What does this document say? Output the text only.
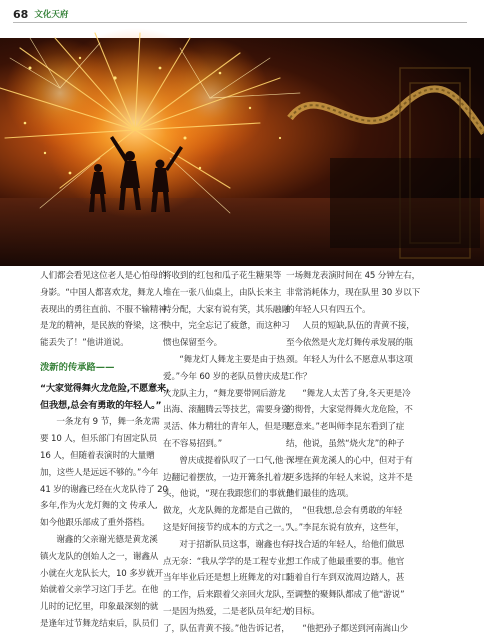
68 文化天府

人们都会看见这位老人是心怕母的

身影。“中国人都喜欢龙，舞龙人

表现出的勇往直前、不服不输精神

是龙的精神，是民族的脊梁，这不

能丢失了！”他讲道说。

泼新的传承路——

“大家觉得舞火龙危险,不愿意来,

但我想,总会有勇敢的年轻人。”

一条龙有 9 节，舞一条龙需

要 10 人，但乐部门有固定队员

16 人，但随着表演时的大量赠

加，这些人是远远不够的。”今年

41 岁的谢鑫已经在火龙队待了 20

多年,作为火龙灯舞的文 传承人,

如今他跟乐部成了重外搭档。

谢鑫的父亲谢光德是黄龙溪

镇火龙队的创始人之一，谢鑫从

小就在火龙队长大，10 多岁就开

始就着父亲学习这门手艺。在他

儿时的记忆里，印象最深刻的就

是逢年过节舞龙结束后，队员们

将收到的红包和瓜子花生糖果等

堆在一张八仙桌上，由队长来主

持分配，大家有说有笑，其乐融融

快中，完全忘记了疲惫，而这种习

惯也保留至今。

“舞龙灯人舞龙主要是由于热

爱。”今年 60 岁的老队员曾庆成是

火龙队主力，“舞龙要带网后游龙

出海、滚翻腾云等技艺，需要身姿

灵活、体力精壮的青年人，但是现

在不容易招到。”

曾庆成提着队叹了一口气,他一

边翻记着摆放，一边开篝条扎着龙

头，他说，“现在我跟您们的事就是

做龙，火龙队舞的龙都是自己做的，

这是好间接节约成本的方式之一。”

对于招新队员这事，谢鑫也有

点无奈：“我从学学的是工程专业，

当年毕业后还是想上班舞龙的对口

的工作，后来跟着父亲回火龙队，

一是因为热爱，二是老队员年纪大

了，队伍青黄不接。”他告诉记者，

一场舞龙表演时间在 45 分钟左右，

非常消耗体力，现在队里 30 岁以下

的年轻人只有四五个。

人员的短缺,队伍的青黄不接，

至今依然是火龙灯舞传承发展的瓶

颈。年轻人为什么不愿意从事这项

工作？

“舞龙人太苦了身,冬天更是冷

的彻骨，大家觉得舞火龙危险，不

愿意来。”老叫师李昆东看到了症

结，他说，虽然“烧火龙”的种子

深埋在黄龙溪人的心中，但对于有

更多选择的年轻人来说，这并不是

他们最佳的选项。

“但我想,总会有勇敢的年轻

人。”李昆东说有放弃，这些年，

寻找合适的年轻人，给他们做思

想工作成了他最重要的事。他官

随着自行车到双流周边踏人，甚

至调整的聚舞队都成了他“游说”

的目标。

“他把孙子都送到河南嵩山少
